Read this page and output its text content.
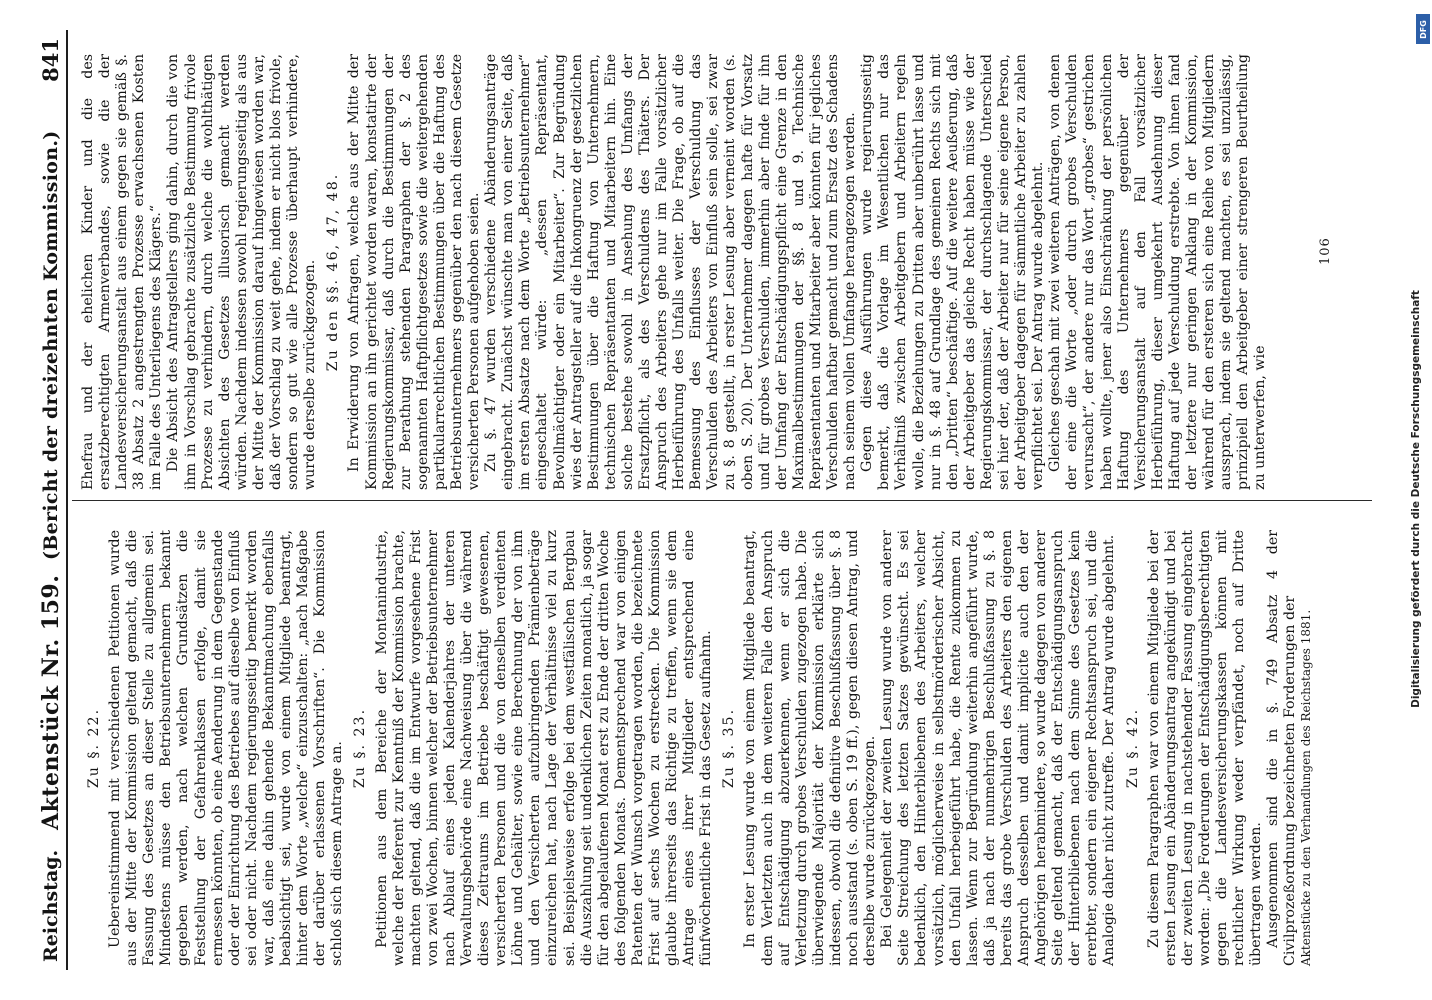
Reichstag.
Aktenstück Nr. 159.
(Bericht der dreizehnten Kommission.)
841
Zu §. 22. Uebereinstimmend mit verschiedenen Petitionen wurde aus der Mitte der Kommission geltend gemacht, daß die Fassung des Gesetzes an dieser Stelle zu allgemein sei. Mindestens müsse den Betriebsunternehmern bekannt gegeben werden, nach welchen Grundsätzen die Feststellung der Gefahrenklassen erfolge, damit sie ermessen könnten, ob eine Aenderung in dem Gegenstande oder der Einrichtung des Betriebes auf dieselbe von Einfluß sei oder nicht. Nachdem regierungsseitig bemerkt worden war, daß eine dahin gehende Bekanntmachung ebenfalls beabsichtigt sei, wurde von einem Mitgliede beantragt, hinter dem Worte „welche“ einzuschalten: „nach Maßgabe der darüber erlassenen Vorschriften“. Die Kommission schloß sich diesem Antrage an. Zu §. 23. Petitionen aus dem Bereiche der Montanindustrie, welche der Referent zur Kenntniß der Kommission brachte, machten geltend, daß die im Entwurfe vorgesehene Frist von zwei Wochen, binnen welcher der Betriebsunternehmer nach Ablauf eines jeden Kalenderjahres der unteren Verwaltungsbehörde eine Nachweisung über die während dieses Zeitraums im Betriebe beschäftigt gewesenen, versicherten Personen und die von denselben verdienten Löhne und Gehälter, sowie eine Berechnung der von ihm und den Versicherten aufzubringenden Prämienbeträge einzureichen hat, nach Lage der Verhältnisse viel zu kurz sei. Beispielsweise erfolge bei dem westfälischen Bergbau die Auszahlung seit undenklichen Zeiten monatlich, ja sogar für den abgelaufenen Monat erst zu Ende der dritten Woche des folgenden Monats. Dementsprechend war von einigen Patenten der Wunsch vorgetragen worden, die bezeichnete Frist auf sechs Wochen zu erstrecken. Die Kommission glaubte ihrerseits das Richtige zu treffen, wenn sie dem Antrage eines ihrer Mitglieder entsprechend eine fünfwöchentliche Frist in das Gesetz aufnahm. Zu §. 35. In erster Lesung wurde von einem Mitgliede beantragt, dem Verletzten auch in dem weiteren Falle den Anspruch auf Entschädigung abzuerkennen, wenn er sich die Verletzung durch grobes Verschulden zugezogen habe. Die überwiegende Majorität der Kommission erklärte sich indessen, obwohl die definitive Beschlußfassung über §. 8 noch ausstand (s. oben S. 19 ff.), gegen diesen Antrag, und derselbe wurde zurückgezogen. Bei Gelegenheit der zweiten Lesung wurde von anderer Seite Streichung des letzten Satzes gewünscht. Es sei bedenklich, den Hinterbliebenen des Arbeiters, welcher vorsätzlich, möglicherweise in selbstmörderischer Absicht, den Unfall herbeigeführt habe, die Rente zukommen zu lassen. Wenn zur Begründung weiterhin angeführt wurde, daß ja nach der nunmehrigen Beschlußfassung zu §. 8 bereits das grobe Verschulden des Arbeiters den eigenen Anspruch desselben und damit implicite auch den der Angehörigen herabmindere, so wurde dagegen von anderer Seite geltend gemacht, daß der Entschädigungsanspruch der Hinterbliebenen nach dem Sinne des Gesetzes kein ererbter, sondern ein eigener Rechtsanspruch sei, und die Analogie daher nicht zutreffe. Der Antrag wurde abgelehnt. Zu §. 42. Zu diesem Paragraphen war von einem Mitgliede bei der ersten Lesung ein Abänderungsantrag angekündigt und bei der zweiten Lesung in nachstehender Fassung eingebracht worden: „Die Forderungen der Entschädigungsberechtigten gegen die Landesversicherungskassen können mit rechtlicher Wirkung weder verpfändet, noch auf Dritte übertragen werden. Ausgenommen sind die in §. 749 Absatz 4 der Civilprozeßordnung bezeichneten Forderungen der Aktenstücke zu den Verhandlungen des Reichstages 1881.

Ehefrau und der ehelichen Kinder und die des ersatzberechtigten Armenverbandes, sowie die der Landesversicherungsanstalt aus einem gegen sie gemäß §. 38 Absatz 2 angestrengten Prozesse erwachsenen Kosten im Falle des Unterliegens des Klägers.“ Die Absicht des Antragstellers ging dahin, durch die von ihm in Vorschlag gebrachte zusätzliche Bestimmung frivole Prozesse zu verhindern, durch welche die wohlthätigen Absichten des Gesetzes illusorisch gemacht werden würden. Nachdem indessen sowohl regierungsseitig als aus der Mitte der Kommission darauf hingewiesen worden war, daß der Vorschlag zu weit gehe, indem er nicht blos frivole, sondern so gut wie alle Prozesse überhaupt verhindere, wurde derselbe zurückgezogen. Zu den §§. 46, 47, 48. In Erwiderung von Anfragen, welche aus der Mitte der Kommission an ihn gerichtet worden waren, konstatirte der Regierungskommissar, daß durch die Bestimmungen der zur Berathung stehenden Paragraphen der §. 2 des sogenannten Haftpflichtgesetzes sowie die weitergehenden partikularrechtlichen Bestimmungen über die Haftung des Betriebsunternehmers gegenüber den nach diesem Gesetze versicherten Personen aufgehoben seien. Zu §. 47 wurden verschiedene Abänderungsanträge eingebracht. Zunächst wünschte man von einer Seite, daß im ersten Absatze nach dem Worte „Betriebsunternehmer“ eingeschaltet würde: „dessen Repräsentant, Bevollmächtigter oder ein Mitarbeiter“. Zur Begründung wies der Antragsteller auf die Inkongruenz der gesetzlichen Bestimmungen über die Haftung von Unternehmern, technischen Repräsentanten und Mitarbeitern hin. Eine solche bestehe sowohl in Ansehung des Umfangs der Ersatzpflicht, als des Verschuldens des Thäters. Der Anspruch des Arbeiters gehe nur im Falle vorsätzlicher Herbeiführung des Unfalls weiter. Die Frage, ob auf die Bemessung des Einflusses der Verschuldung das Verschulden des Arbeiters von Einfluß sein solle, sei zwar zu §. 8 gestellt, in erster Lesung aber verneint worden (s. oben S. 20). Der Unternehmer dagegen hafte für Vorsatz und für grobes Verschulden, immerhin aber finde für ihn der Umfang der Entschädigungspflicht eine Grenze in den Maximalbestimmungen der §§. 8 und 9. Technische Repräsentanten und Mitarbeiter aber könnten für jegliches Verschulden haftbar gemacht und zum Ersatz des Schadens nach seinem vollen Umfange herangezogen werden. Gegen diese Ausführungen wurde regierungsseitig bemerkt, daß die Vorlage im Wesentlichen nur das Verhältniß zwischen Arbeitgebern und Arbeitern regeln wolle, die Beziehungen zu Dritten aber unberührt lasse und nur in §. 48 auf Grundlage des gemeinen Rechts sich mit den „Dritten“ beschäftige. Auf die weitere Aeußerung, daß der Arbeitgeber das gleiche Recht haben müsse wie der Regierungskommissar, der durchschlagende Unterschied sei hier der, daß der Arbeiter nur für seine eigene Person, der Arbeitgeber dagegen für sämmtliche Arbeiter zu zahlen verpflichtet sei. Der Antrag wurde abgelehnt. Gleiches geschah mit zwei weiteren Anträgen, von denen der eine die Worte „oder durch grobes Verschulden verursacht“, der andere nur das Wort „grobes“ gestrichen haben wollte, jener also Einschränkung der persönlichen Haftung des Unternehmers gegenüber der Versicherungsanstalt auf den Fall vorsätzlicher Herbeiführung, dieser umgekehrt Ausdehnung dieser Haftung auf jede Verschuldung erstrebte. Von ihnen fand der letztere nur geringen Anklang in der Kommission, während für den ersteren sich eine Reihe von Mitgliedern aussprach, indem sie geltend machten, es sei unzulässig, prinzipiell den Arbeitgeber einer strengeren Beurtheilung zu unterwerfen, wie

106
Digitalisierung gefördert durch die Deutsche Forschungsgemeinschaft
DFG
